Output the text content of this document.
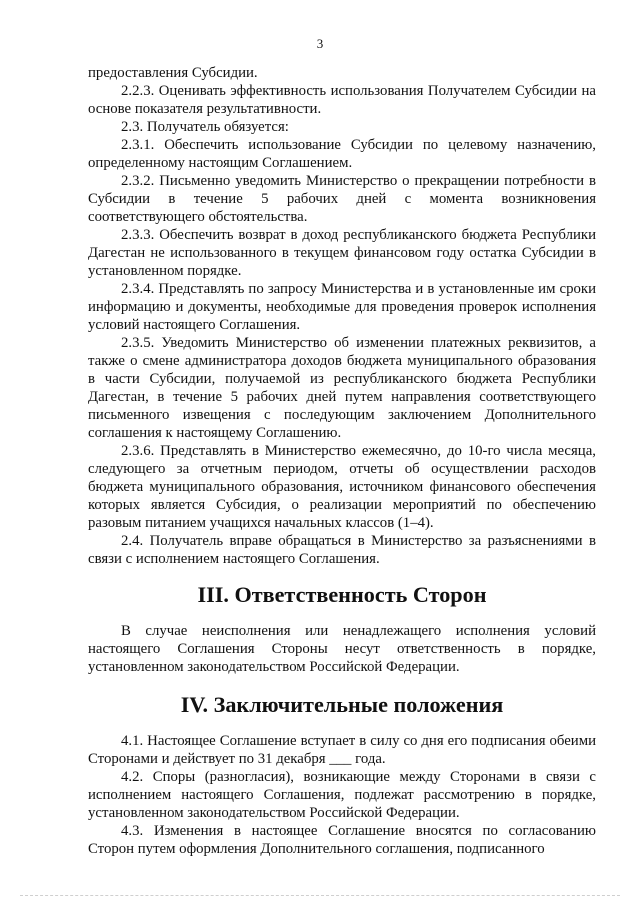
3

предоставления Субсидии.

2.2.3. Оценивать эффективность использования Получателем Субсидии на основе показателя результативности.

2.3. Получатель обязуется:

2.3.1. Обеспечить использование Субсидии по целевому назначению, определенному настоящим Соглашением.

2.3.2. Письменно уведомить Министерство о прекращении потребности в Субсидии в течение 5 рабочих дней с момента возникновения соответствующего обстоятельства.

2.3.3. Обеспечить возврат в доход республиканского бюджета Республики Дагестан не использованного в текущем финансовом году остатка Субсидии в установленном порядке.

2.3.4. Представлять по запросу Министерства и в установленные им сроки информацию и документы, необходимые для проведения проверок исполнения условий настоящего Соглашения.

2.3.5. Уведомить Министерство об изменении платежных реквизитов, а также о смене администратора доходов бюджета муниципального образования в части Субсидии, получаемой из республиканского бюджета Республики Дагестан, в течение 5 рабочих дней путем направления соответствующего письменного извещения с последующим заключением Дополнительного соглашения к настоящему Соглашению.

2.3.6. Представлять в Министерство ежемесячно, до 10-го числа месяца, следующего за отчетным периодом, отчеты об осуществлении расходов бюджета муниципального образования, источником финансового обеспечения которых является Субсидия, о реализации мероприятий по обеспечению разовым питанием учащихся начальных классов (1–4).

2.4. Получатель вправе обращаться в Министерство за разъяснениями в связи с исполнением настоящего Соглашения.

III. Ответственность Сторон

В случае неисполнения или ненадлежащего исполнения условий настоящего Соглашения Стороны несут ответственность в порядке, установленном законодательством Российской Федерации.

IV. Заключительные положения

4.1. Настоящее Соглашение вступает в силу со дня его подписания обеими Сторонами и действует по 31 декабря ___ года.

4.2. Споры (разногласия), возникающие между Сторонами в связи с исполнением настоящего Соглашения, подлежат рассмотрению в порядке, установленном законодательством Российской Федерации.

4.3. Изменения в настоящее Соглашение вносятся по согласованию Сторон путем оформления Дополнительного соглашения, подписанного
